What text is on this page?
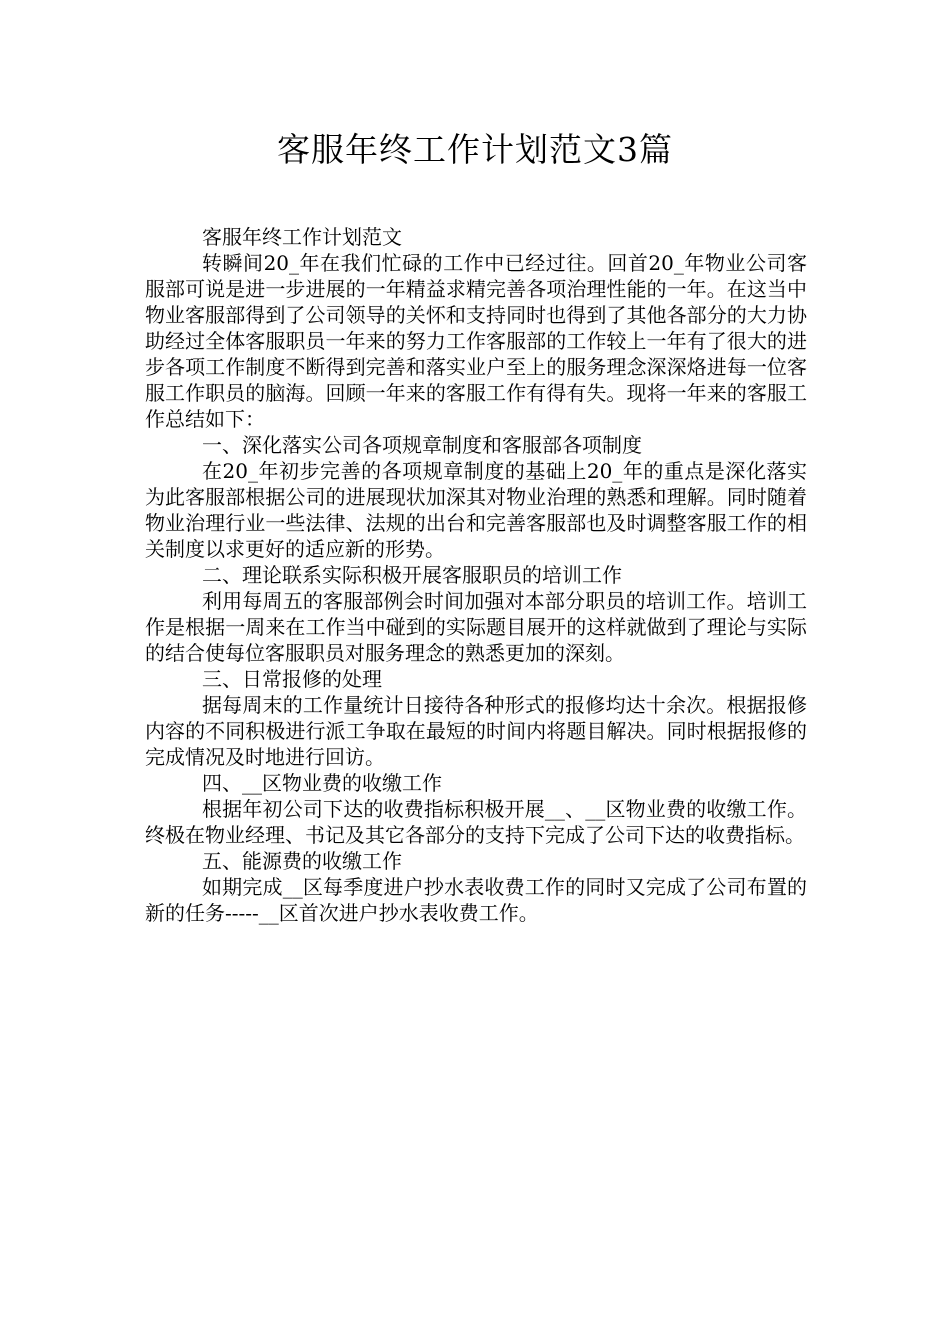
客服年终工作计划范文3篇

客服年终工作计划范文

转瞬间20_年在我们忙碌的工作中已经过往。回首20_年物业公司客服部可说是进一步进展的一年精益求精完善各项治理性能的一年。在这当中物业客服部得到了公司领导的关怀和支持同时也得到了其他各部分的大力协助经过全体客服职员一年来的努力工作客服部的工作较上一年有了很大的进步各项工作制度不断得到完善和落实业户至上的服务理念深深烙进每一位客服工作职员的脑海。回顾一年来的客服工作有得有失。现将一年来的客服工作总结如下：

一、深化落实公司各项规章制度和客服部各项制度

在20_年初步完善的各项规章制度的基础上20_年的重点是深化落实为此客服部根据公司的进展现状加深其对物业治理的熟悉和理解。同时随着物业治理行业一些法律、法规的出台和完善客服部也及时调整客服工作的相关制度以求更好的适应新的形势。

二、理论联系实际积极开展客服职员的培训工作

利用每周五的客服部例会时间加强对本部分职员的培训工作。培训工作是根据一周来在工作当中碰到的实际题目展开的这样就做到了理论与实际的结合使每位客服职员对服务理念的熟悉更加的深刻。

三、日常报修的处理

据每周末的工作量统计日接待各种形式的报修均达十余次。根据报修内容的不同积极进行派工争取在最短的时间内将题目解决。同时根据报修的完成情况及时地进行回访。

四、__区物业费的收缴工作

根据年初公司下达的收费指标积极开展__、__区物业费的收缴工作。终极在物业经理、书记及其它各部分的支持下完成了公司下达的收费指标。

五、能源费的收缴工作

如期完成__区每季度进户抄水表收费工作的同时又完成了公司布置的新的任务-----__区首次进户抄水表收费工作。
